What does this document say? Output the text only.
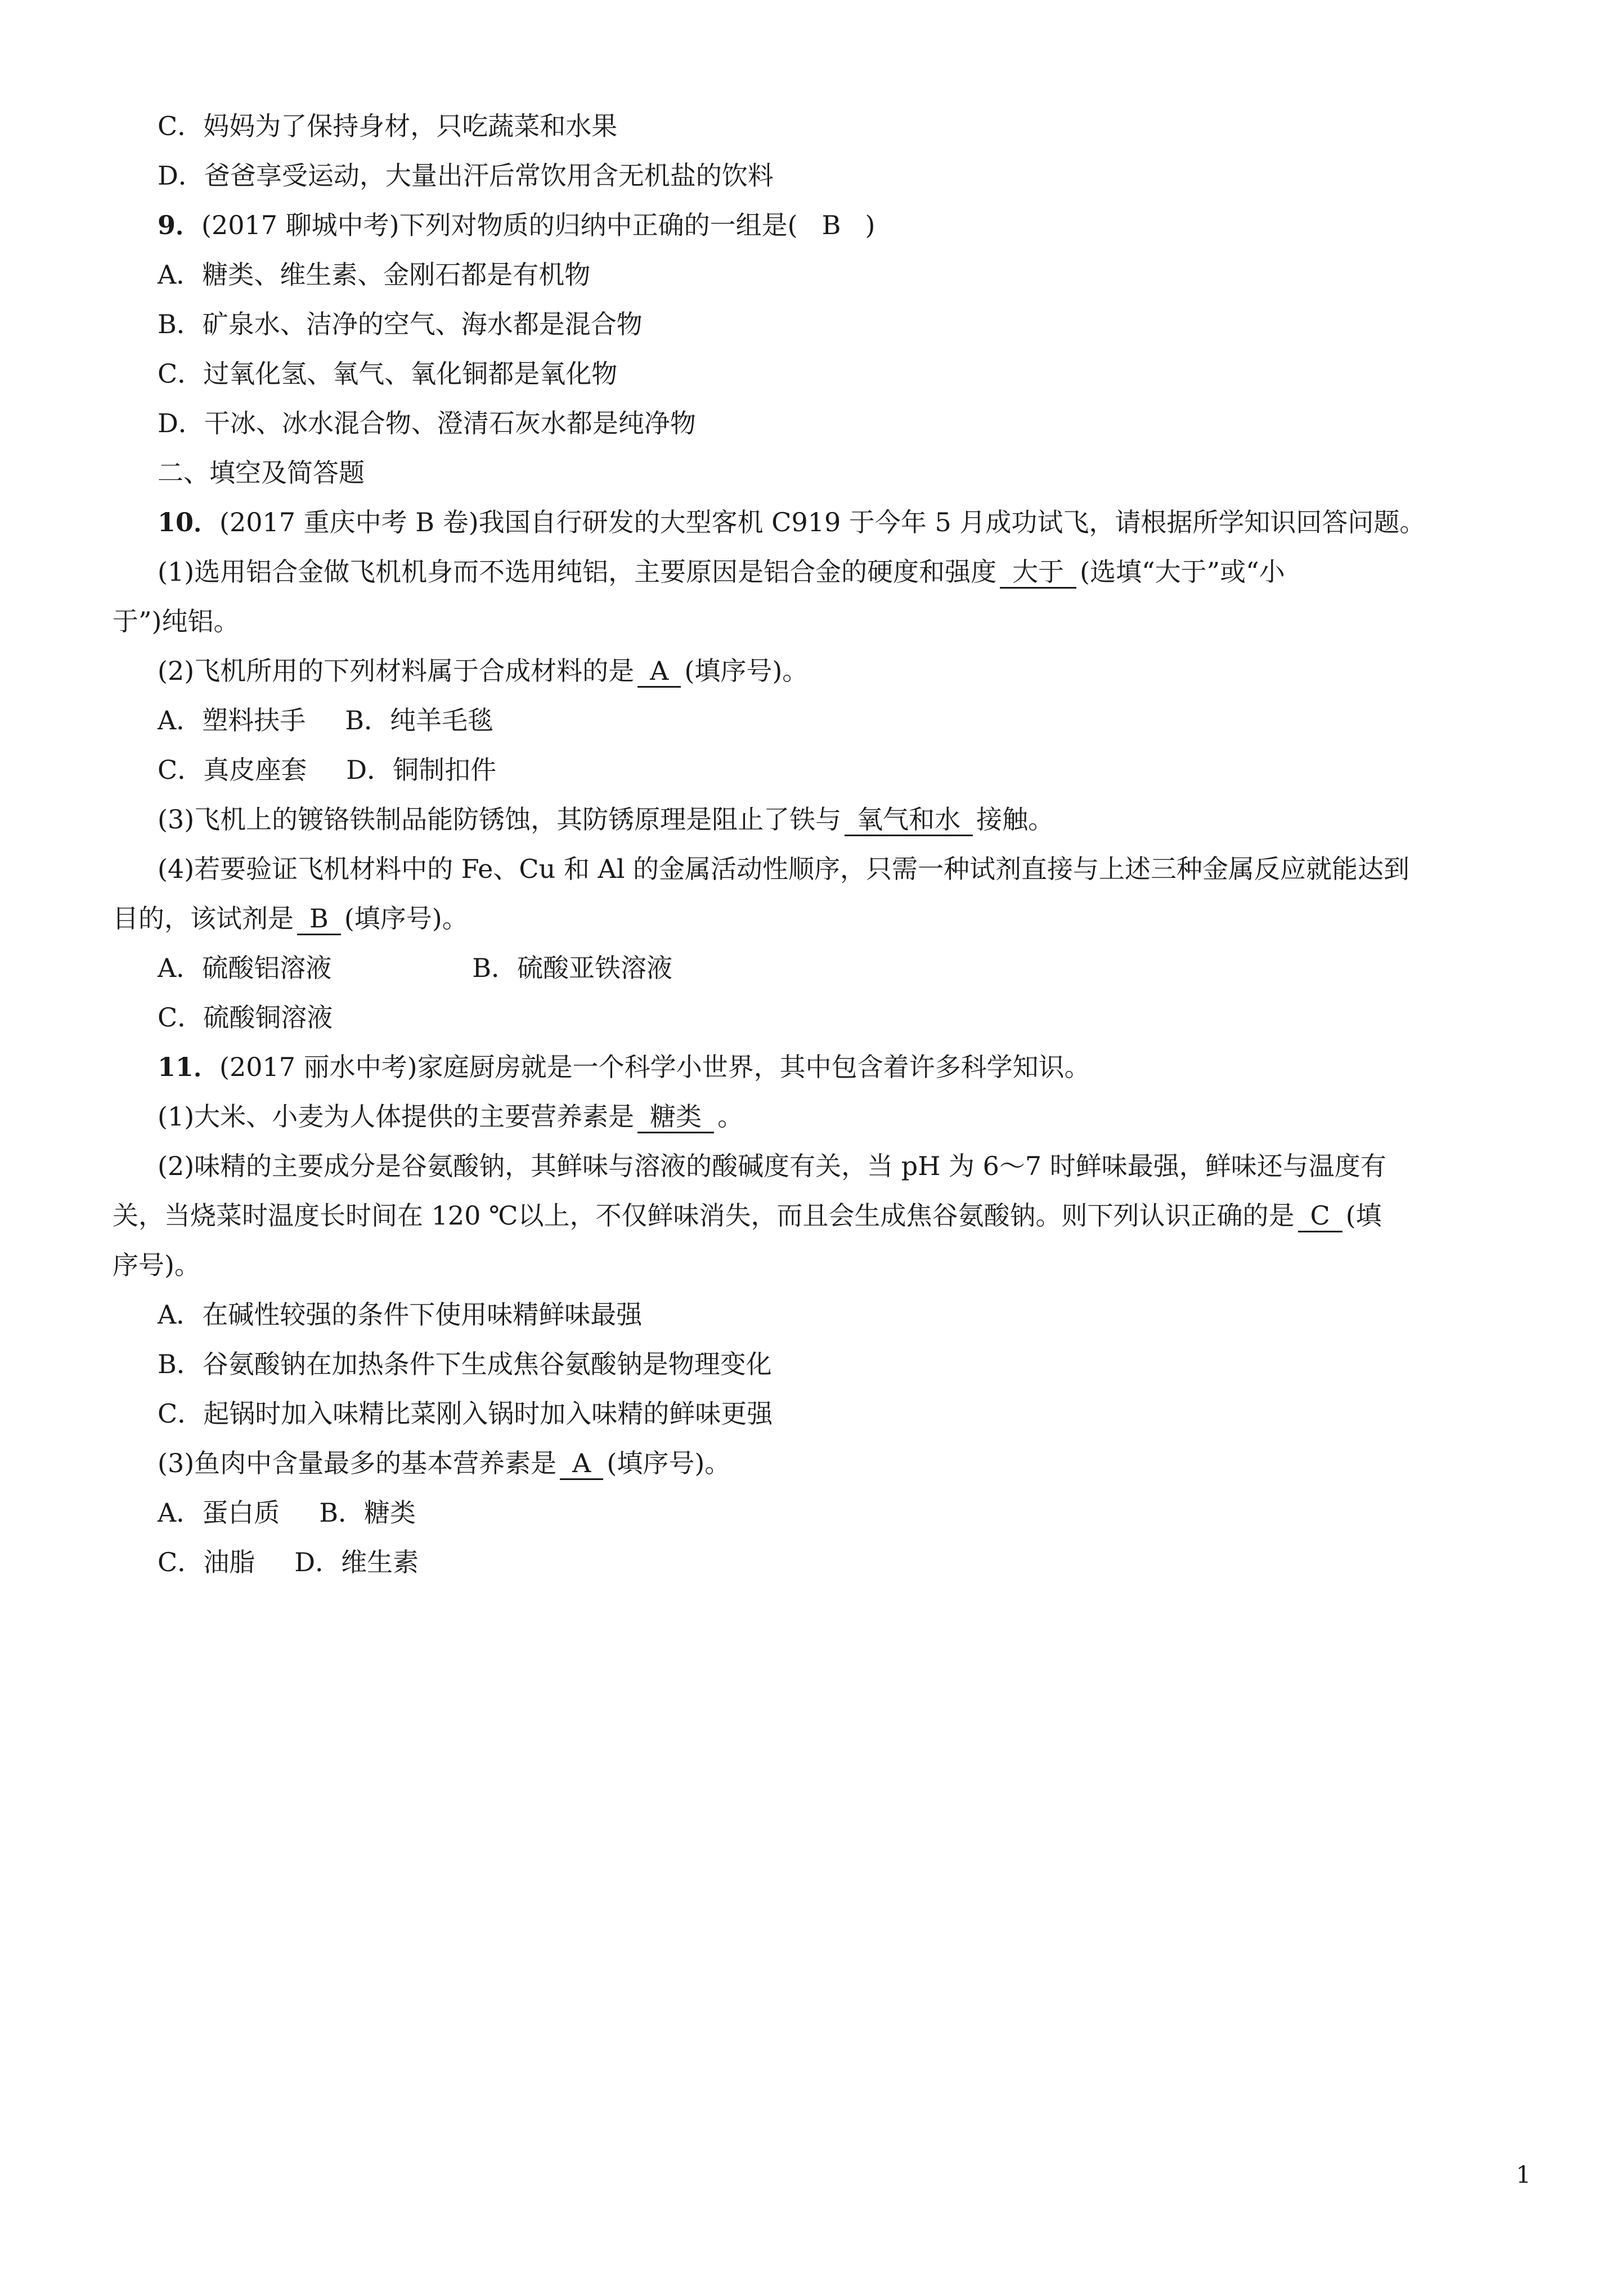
C．妈妈为了保持身材，只吃蔬菜和水果
D．爸爸享受运动，大量出汗后常饮用含无机盐的饮料
9．(2017 聊城中考)下列对物质的归纳中正确的一组是( B )
A．糖类、维生素、金刚石都是有机物
B．矿泉水、洁净的空气、海水都是混合物
C．过氧化氢、氧气、氧化铜都是氧化物
D．干冰、冰水混合物、澄清石灰水都是纯净物
二、填空及简答题
10．(2017 重庆中考 B 卷)我国自行研发的大型客机 C919 于今年 5 月成功试飞，请根据所学知识回答问题。
(1)选用铝合金做飞机机身而不选用纯铝，主要原因是铝合金的硬度和强度 大于 (选填“大于”或“小
于”)纯铝。
(2)飞机所用的下列材料属于合成材料的是 A (填序号)。
A．塑料扶手 B．纯羊毛毯
C．真皮座套 D．铜制扣件
(3)飞机上的镀铬铁制品能防锈蚀，其防锈原理是阻止了铁与 氧气和水 接触。
(4)若要验证飞机材料中的 Fe、Cu 和 Al 的金属活动性顺序，只需一种试剂直接与上述三种金属反应就能达到
目的，该试剂是 B (填序号)。
A．硫酸铝溶液	B．硫酸亚铁溶液
C．硫酸铜溶液
11．(2017 丽水中考)家庭厨房就是一个科学小世界，其中包含着许多科学知识。
(1)大米、小麦为人体提供的主要营养素是 糖类 。
(2)味精的主要成分是谷氨酸钠，其鲜味与溶液的酸碱度有关，当 pH 为 6～7 时鲜味最强，鲜味还与温度有
关，当烧菜时温度长时间在 120 ℃以上，不仅鲜味消失，而且会生成焦谷氨酸钠。则下列认识正确的是 C (填
序号)。
A．在碱性较强的条件下使用味精鲜味最强
B．谷氨酸钠在加热条件下生成焦谷氨酸钠是物理变化
C．起锅时加入味精比菜刚入锅时加入味精的鲜味更强
(3)鱼肉中含量最多的基本营养素是 A (填序号)。
A．蛋白质 B．糖类
C．油脂 D．维生素
1
